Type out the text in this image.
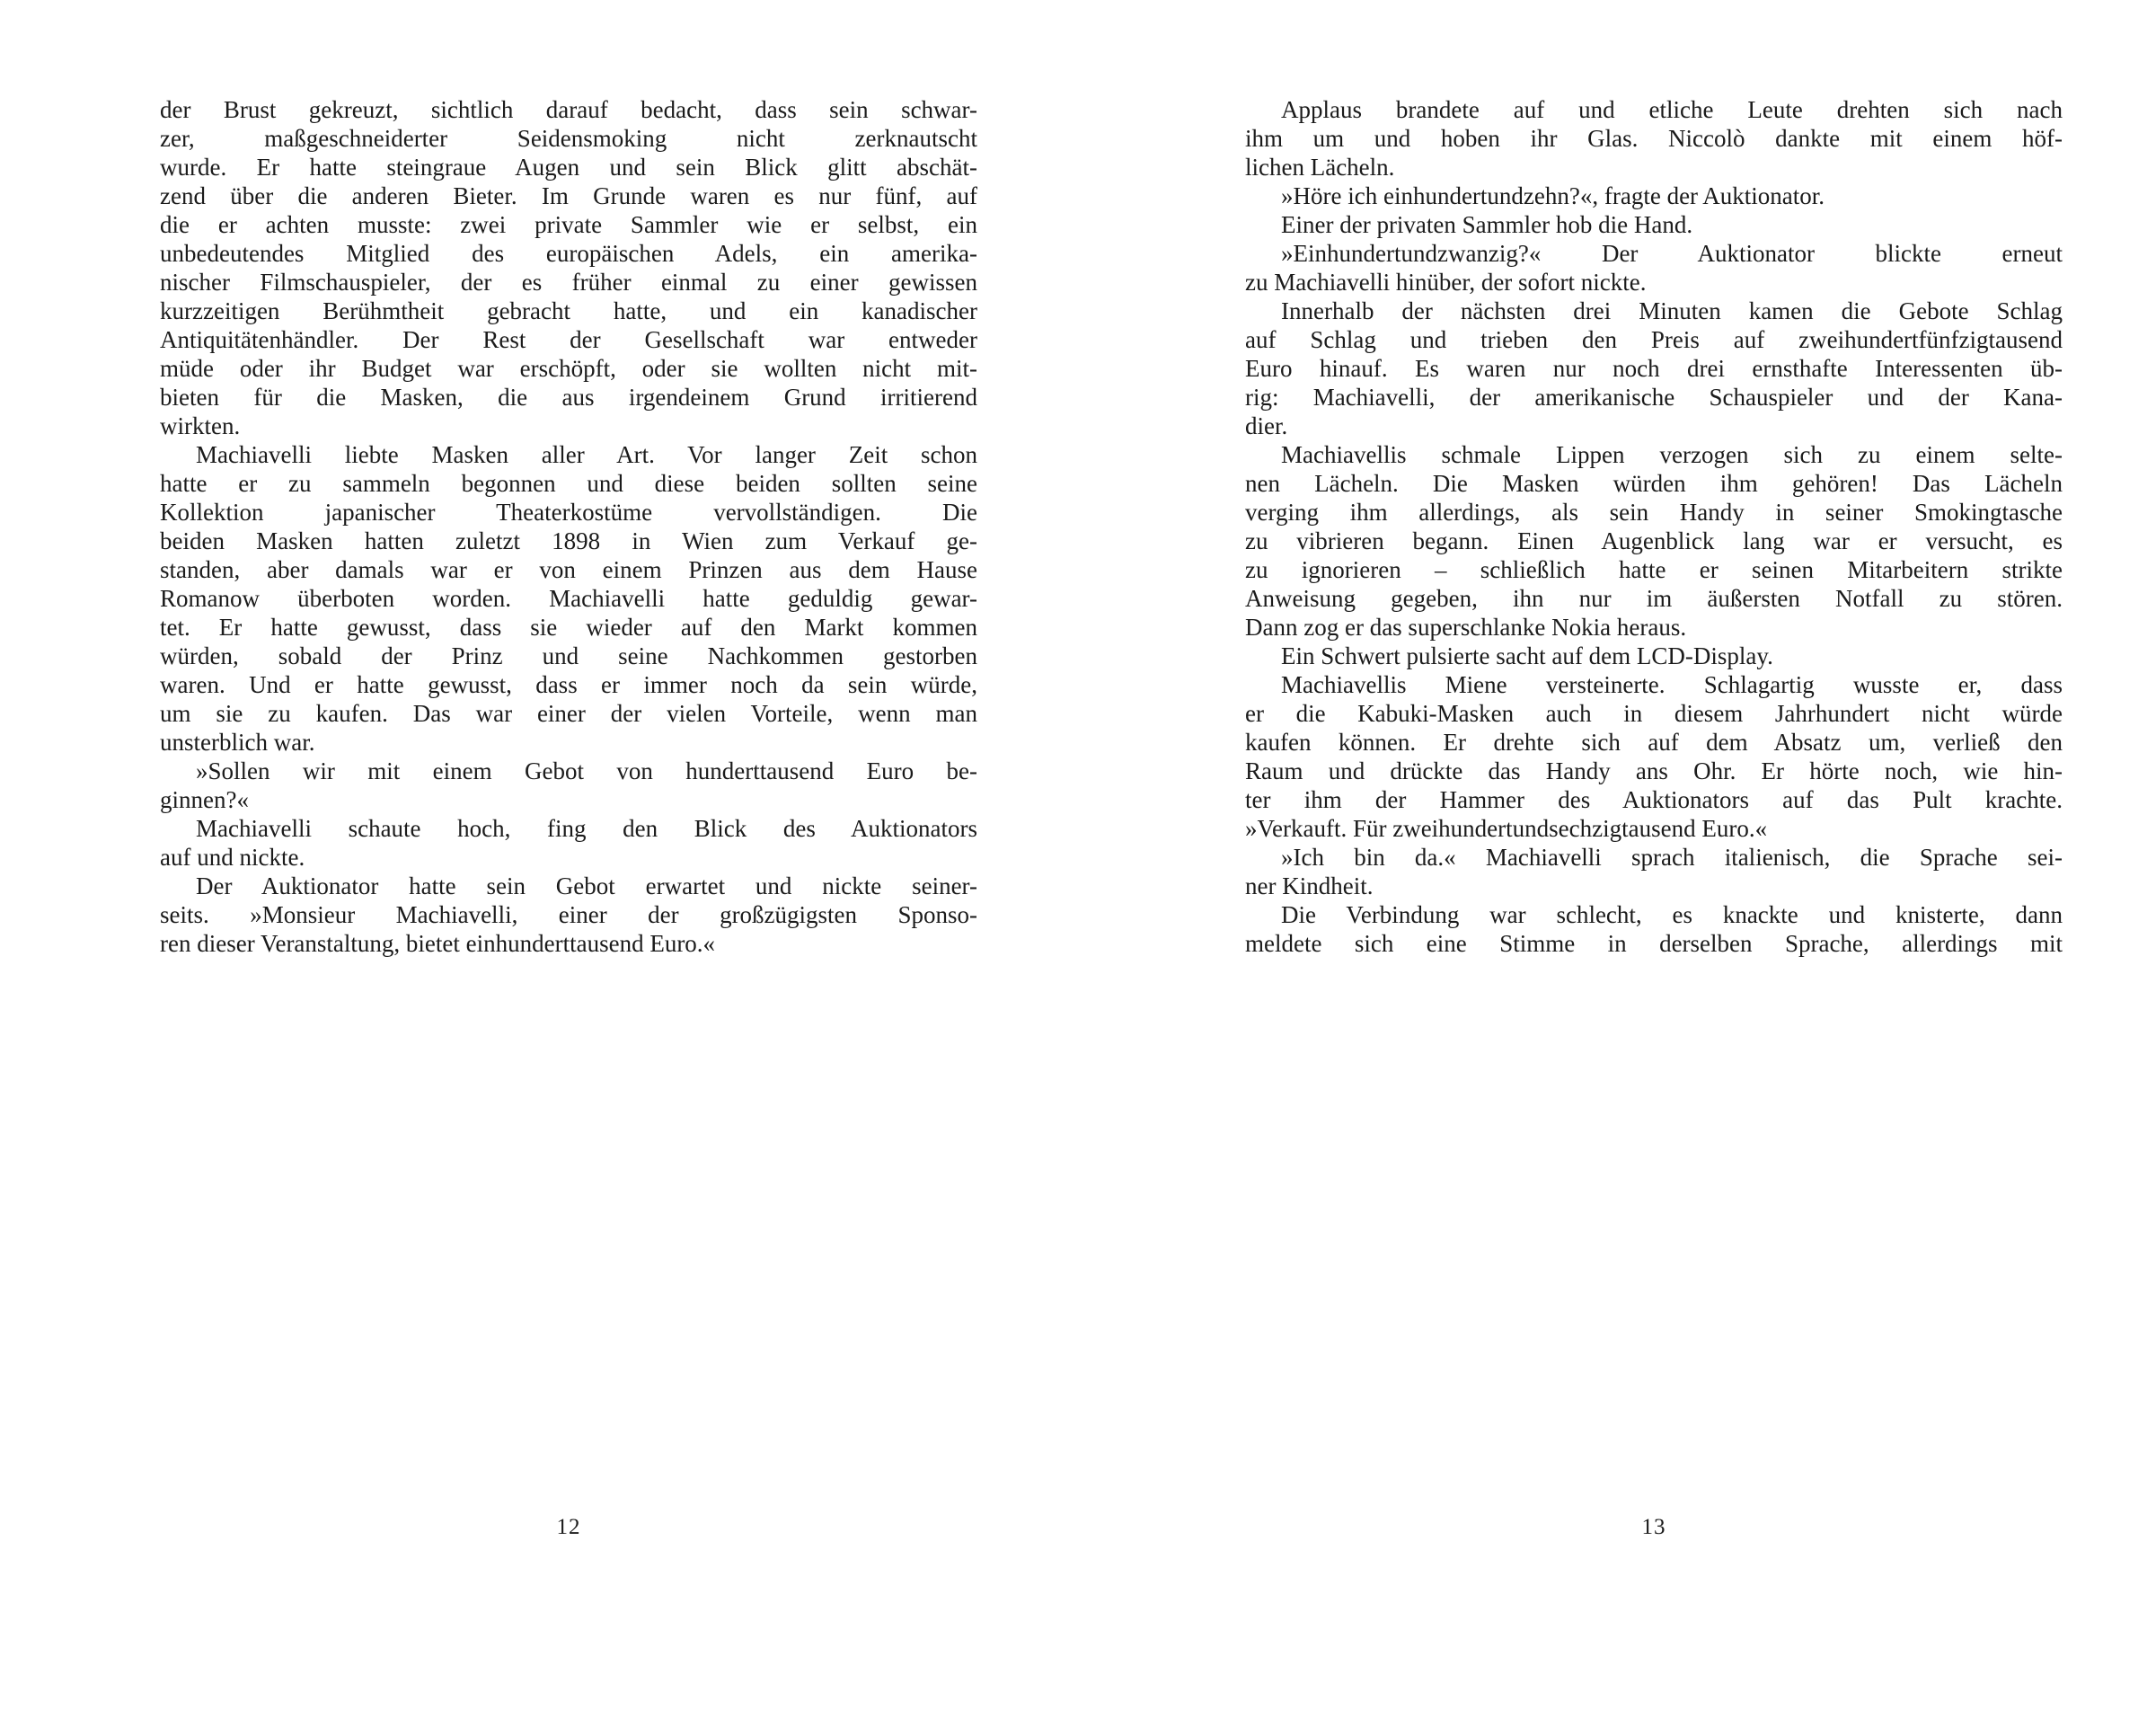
der Brust gekreuzt, sichtlich darauf bedacht, dass sein schwar-
zer, maßgeschneiderter Seidensmoking nicht zerknautscht
wurde. Er hatte steingraue Augen und sein Blick glitt abschät-
zend über die anderen Bieter. Im Grunde waren es nur fünf, auf
die er achten musste: zwei private Sammler wie er selbst, ein
unbedeutendes Mitglied des europäischen Adels, ein amerika-
nischer Filmschauspieler, der es früher einmal zu einer gewissen
kurzzeitigen Berühmtheit gebracht hatte, und ein kanadischer
Antiquitätenhändler. Der Rest der Gesellschaft war entweder
müde oder ihr Budget war erschöpft, oder sie wollten nicht mit-
bieten für die Masken, die aus irgendeinem Grund irritierend
wirkten.

Machiavelli liebte Masken aller Art. Vor langer Zeit schon
hatte er zu sammeln begonnen und diese beiden sollten seine
Kollektion japanischer Theaterkostüme vervollständigen. Die
beiden Masken hatten zuletzt 1898 in Wien zum Verkauf ge-
standen, aber damals war er von einem Prinzen aus dem Hause
Romanow überboten worden. Machiavelli hatte geduldig gewar-
tet. Er hatte gewusst, dass sie wieder auf den Markt kommen
würden, sobald der Prinz und seine Nachkommen gestorben
waren. Und er hatte gewusst, dass er immer noch da sein würde,
um sie zu kaufen. Das war einer der vielen Vorteile, wenn man
unsterblich war.

»Sollen wir mit einem Gebot von hunderttausend Euro be-
ginnen?«

Machiavelli schaute hoch, fing den Blick des Auktionators
auf und nickte.

Der Auktionator hatte sein Gebot erwartet und nickte seiner-
seits. »Monsieur Machiavelli, einer der großzügigsten Sponso-
ren dieser Veranstaltung, bietet einhunderttausend Euro.«

12

Applaus brandete auf und etliche Leute drehten sich nach
ihm um und hoben ihr Glas. Niccolò dankte mit einem höf-
lichen Lächeln.

»Höre ich einhundertundzehn?«, fragte der Auktionator.

Einer der privaten Sammler hob die Hand.

»Einhundertundzwanzig?« Der Auktionator blickte erneut
zu Machiavelli hinüber, der sofort nickte.

Innerhalb der nächsten drei Minuten kamen die Gebote Schlag
auf Schlag und trieben den Preis auf zweihundertfünfzigtausend
Euro hinauf. Es waren nur noch drei ernsthafte Interessenten üb-
rig: Machiavelli, der amerikanische Schauspieler und der Kana-
dier.

Machiavellis schmale Lippen verzogen sich zu einem selte-
nen Lächeln. Die Masken würden ihm gehören! Das Lächeln
verging ihm allerdings, als sein Handy in seiner Smokingtasche
zu vibrieren begann. Einen Augenblick lang war er versucht, es
zu ignorieren – schließlich hatte er seinen Mitarbeitern strikte
Anweisung gegeben, ihn nur im äußersten Notfall zu stören.
Dann zog er das superschlanke Nokia heraus.

Ein Schwert pulsierte sacht auf dem LCD-Display.

Machiavellis Miene versteinerte. Schlagartig wusste er, dass
er die Kabuki-Masken auch in diesem Jahrhundert nicht würde
kaufen können. Er drehte sich auf dem Absatz um, verließ den
Raum und drückte das Handy ans Ohr. Er hörte noch, wie hin-
ter ihm der Hammer des Auktionators auf das Pult krachte.
»Verkauft. Für zweihundertundsechzigtausend Euro.«

»Ich bin da.« Machiavelli sprach italienisch, die Sprache sei-
ner Kindheit.

Die Verbindung war schlecht, es knackte und knisterte, dann
meldete sich eine Stimme in derselben Sprache, allerdings mit

13
